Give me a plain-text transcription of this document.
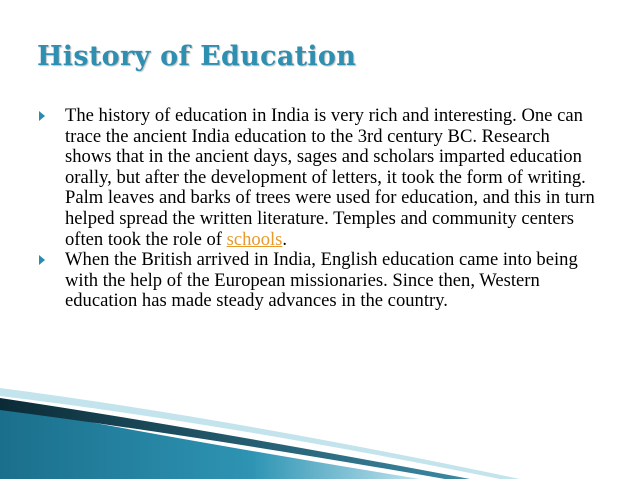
History of Education
The history of education in India is very rich and interesting. One can trace the ancient India education to the 3rd century BC. Research shows that in the ancient days, sages and scholars imparted education orally, but after the development of letters, it took the form of writing. Palm leaves and barks of trees were used for education, and this in turn helped spread the written literature. Temples and community centers often took the role of schools.
When the British arrived in India, English education came into being with the help of the European missionaries. Since then, Western education has made steady advances in the country.
